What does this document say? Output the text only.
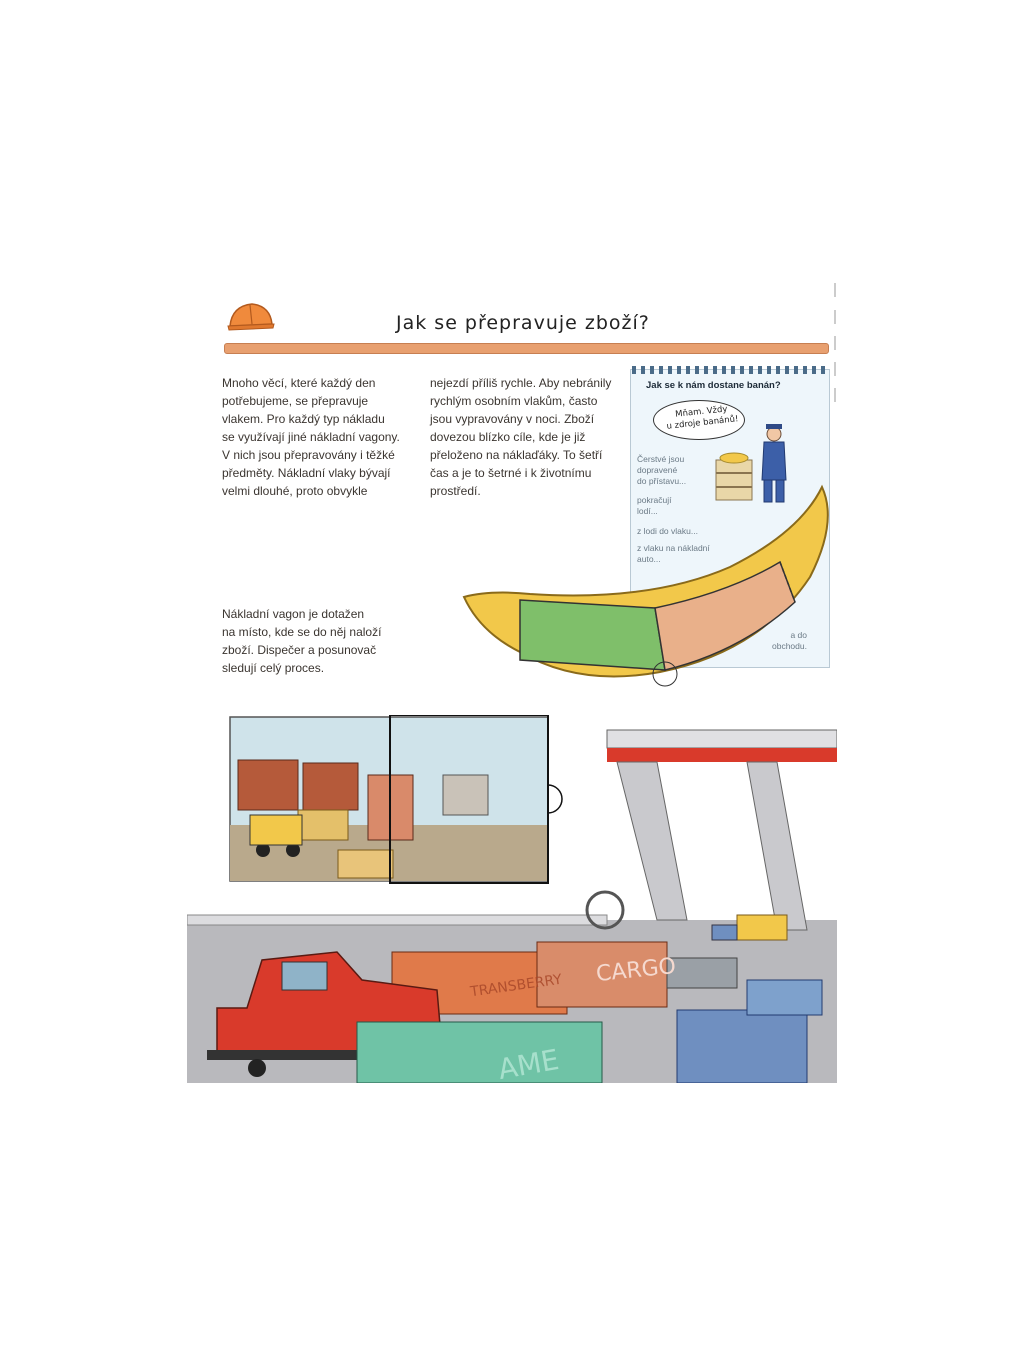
Jak se přepravuje zboží?
Mnoho věcí, které každý den
potřebujeme, se přepravuje
vlakem. Pro každý typ nákladu
se využívají jiné nákladní vagony.
V nich jsou přepravovány i těžké
předměty. Nákladní vlaky bývají
velmi dlouhé, proto obvykle
nejezdí příliš rychle. Aby nebránily
rychlým osobním vlakům, často
jsou vypravovány v noci. Zboží
dovezou blízko cíle, kde je již
přeloženo na náklaďáky. To šetří
čas a je to šetrné i k životnímu
prostředí.
Nákladní vagon je dotažen
na místo, kde se do něj naloží
zboží. Dispečer a posunovač
sledují celý proces.
Jak se k nám dostane banán?
Mňam. Vždy
u zdroje banánů!
Čerstvé jsou
dopravené
do přístavu...
pokračují
lodí...
z lodi do vlaku...
z vlaku na nákladní
auto...
a do
obchodu.
TRANSBERRY CARGO
AME
